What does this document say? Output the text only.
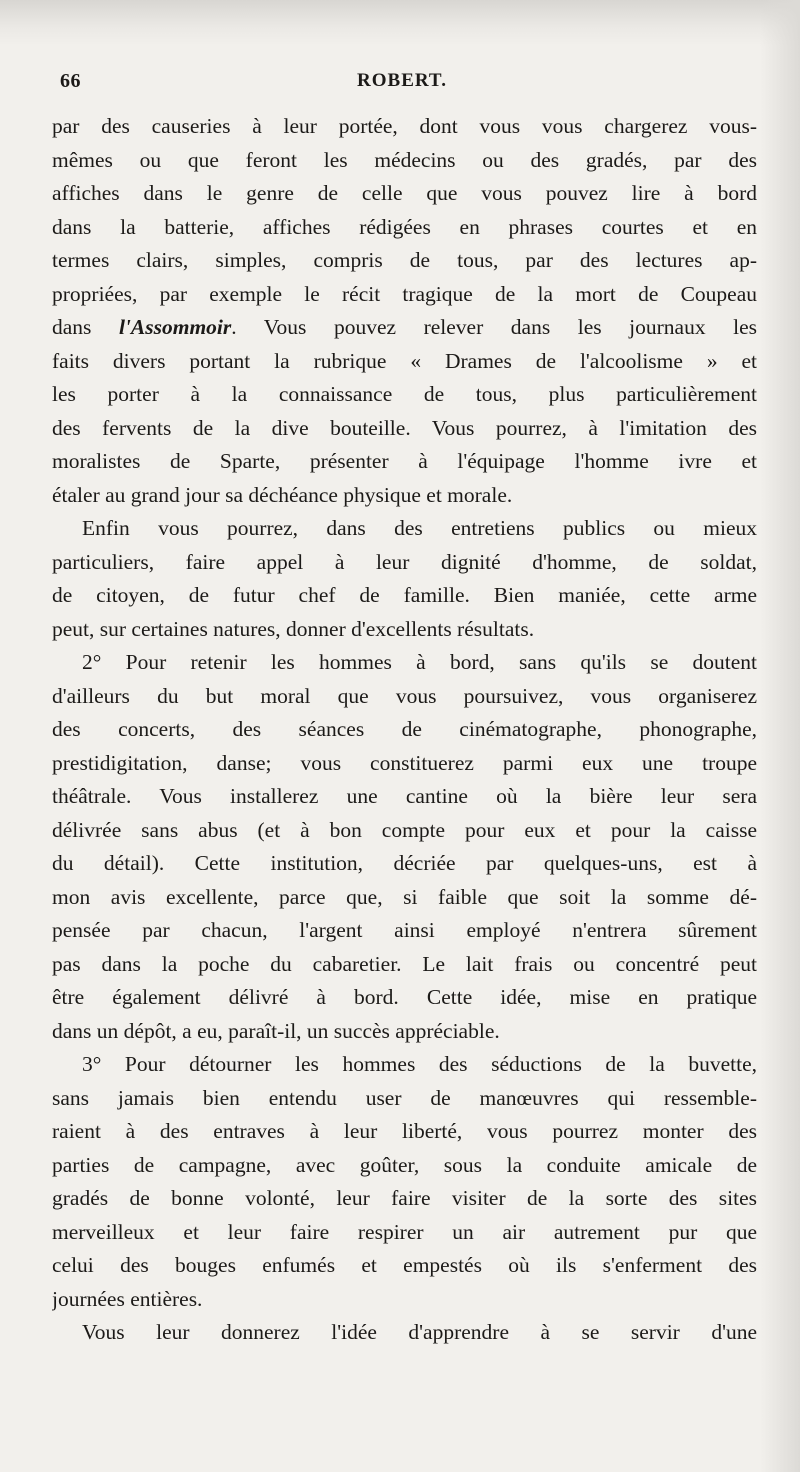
66	ROBERT.
par des causeries à leur portée, dont vous vous chargerez vous-
mêmes ou que feront les médecins ou des gradés, par des
affiches dans le genre de celle que vous pouvez lire à bord
dans la batterie, affiches rédigées en phrases courtes et en
termes clairs, simples, compris de tous, par des lectures ap-
propriées, par exemple le récit tragique de la mort de Coupeau
dans l'Assommoir. Vous pouvez relever dans les journaux les
faits divers portant la rubrique « Drames de l'alcoolisme » et
les porter à la connaissance de tous, plus particulièrement
des fervents de la dive bouteille. Vous pourrez, à l'imitation des
moralistes de Sparte, présenter à l'équipage l'homme ivre et
étaler au grand jour sa déchéance physique et morale.
Enfin vous pourrez, dans des entretiens publics ou mieux
particuliers, faire appel à leur dignité d'homme, de soldat,
de citoyen, de futur chef de famille. Bien maniée, cette arme
peut, sur certaines natures, donner d'excellents résultats.
2° Pour retenir les hommes à bord, sans qu'ils se doutent
d'ailleurs du but moral que vous poursuivez, vous organiserez
des concerts, des séances de cinématographe, phonographe,
prestidigitation, danse; vous constituerez parmi eux une troupe
théâtrale. Vous installerez une cantine où la bière leur sera
délivrée sans abus (et à bon compte pour eux et pour la caisse
du détail). Cette institution, décriée par quelques-uns, est à
mon avis excellente, parce que, si faible que soit la somme dé-
pensée par chacun, l'argent ainsi employé n'entrera sûrement
pas dans la poche du cabaretier. Le lait frais ou concentré peut
être également délivré à bord. Cette idée, mise en pratique
dans un dépôt, a eu, paraît-il, un succès appréciable.
3° Pour détourner les hommes des séductions de la buvette,
sans jamais bien entendu user de manœuvres qui ressemble-
raient à des entraves à leur liberté, vous pourrez monter des
parties de campagne, avec goûter, sous la conduite amicale de
gradés de bonne volonté, leur faire visiter de la sorte des sites
merveilleux et leur faire respirer un air autrement pur que
celui des bouges enfumés et empestés où ils s'enferment des
journées entières.
Vous leur donnerez l'idée d'apprendre à se servir d'une
